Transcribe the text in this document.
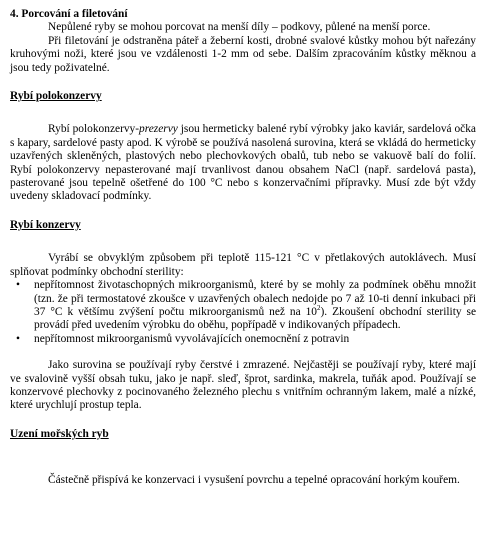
4. Porcování a filetování

Nepůlené ryby se mohou porcovat na menší díly – podkovy, půlené na menší porce.

Při filetování je odstraněna páteř a žeberní kosti, drobné svalové kůstky mohou být nařezány kruhovými noži, které jsou ve vzdálenosti 1-2 mm od sebe. Dalším zpracováním kůstky měknou a jsou tedy poživatelné.

Rybí polokonzervy

Rybí polokonzervy-prezervy jsou hermeticky balené rybí výrobky jako kaviár, sardelová očka s kapary, sardelové pasty apod. K výrobě se používá nasolená surovina, která se vkládá do hermeticky uzavřených skleněných, plastových nebo plechovkových obalů, tub nebo se vakuově balí do folií. Rybí polokonzervy nepasterované mají trvanlivost danou obsahem NaCl (např. sardelová pasta), pasterované jsou tepelně ošetřené do 100 °C nebo s konzervačními přípravky. Musí zde být vždy uvedeny skladovací podmínky.

Rybí konzervy

Vyrábí se obvyklým způsobem při teplotě 115-121 °C v přetlakových autoklávech. Musí splňovat podmínky obchodní sterility:

• nepřítomnost životaschopných mikroorganismů, které by se mohly za podmínek oběhu množit (tzn. že při termostatové zkoušce v uzavřených obalech nedojde po 7 až 10-ti denní inkubaci při 37 °C k většímu zvýšení počtu mikroorganismů než na $10^2$). Zkoušení obchodní sterility se provádí před uvedením výrobku do oběhu, popřípadě v indikovaných případech.
• nepřítomnost mikroorganismů vyvolávajících onemocnění z potravin

Jako surovina se používají ryby čerstvé i zmrazené. Nejčastěji se používají ryby, které mají ve svalovině vyšší obsah tuku, jako je např. sleď, šprot, sardinka, makrela, tuňák apod. Používají se konzervové plechovky z pocinovaného železného plechu s vnitřním ochranným lakem, malé a nízké, které urychlují prostup tepla.

Uzení mořských ryb

Částečně přispívá ke konzervaci i vysušení povrchu a tepelné opracování horkým kouřem.
